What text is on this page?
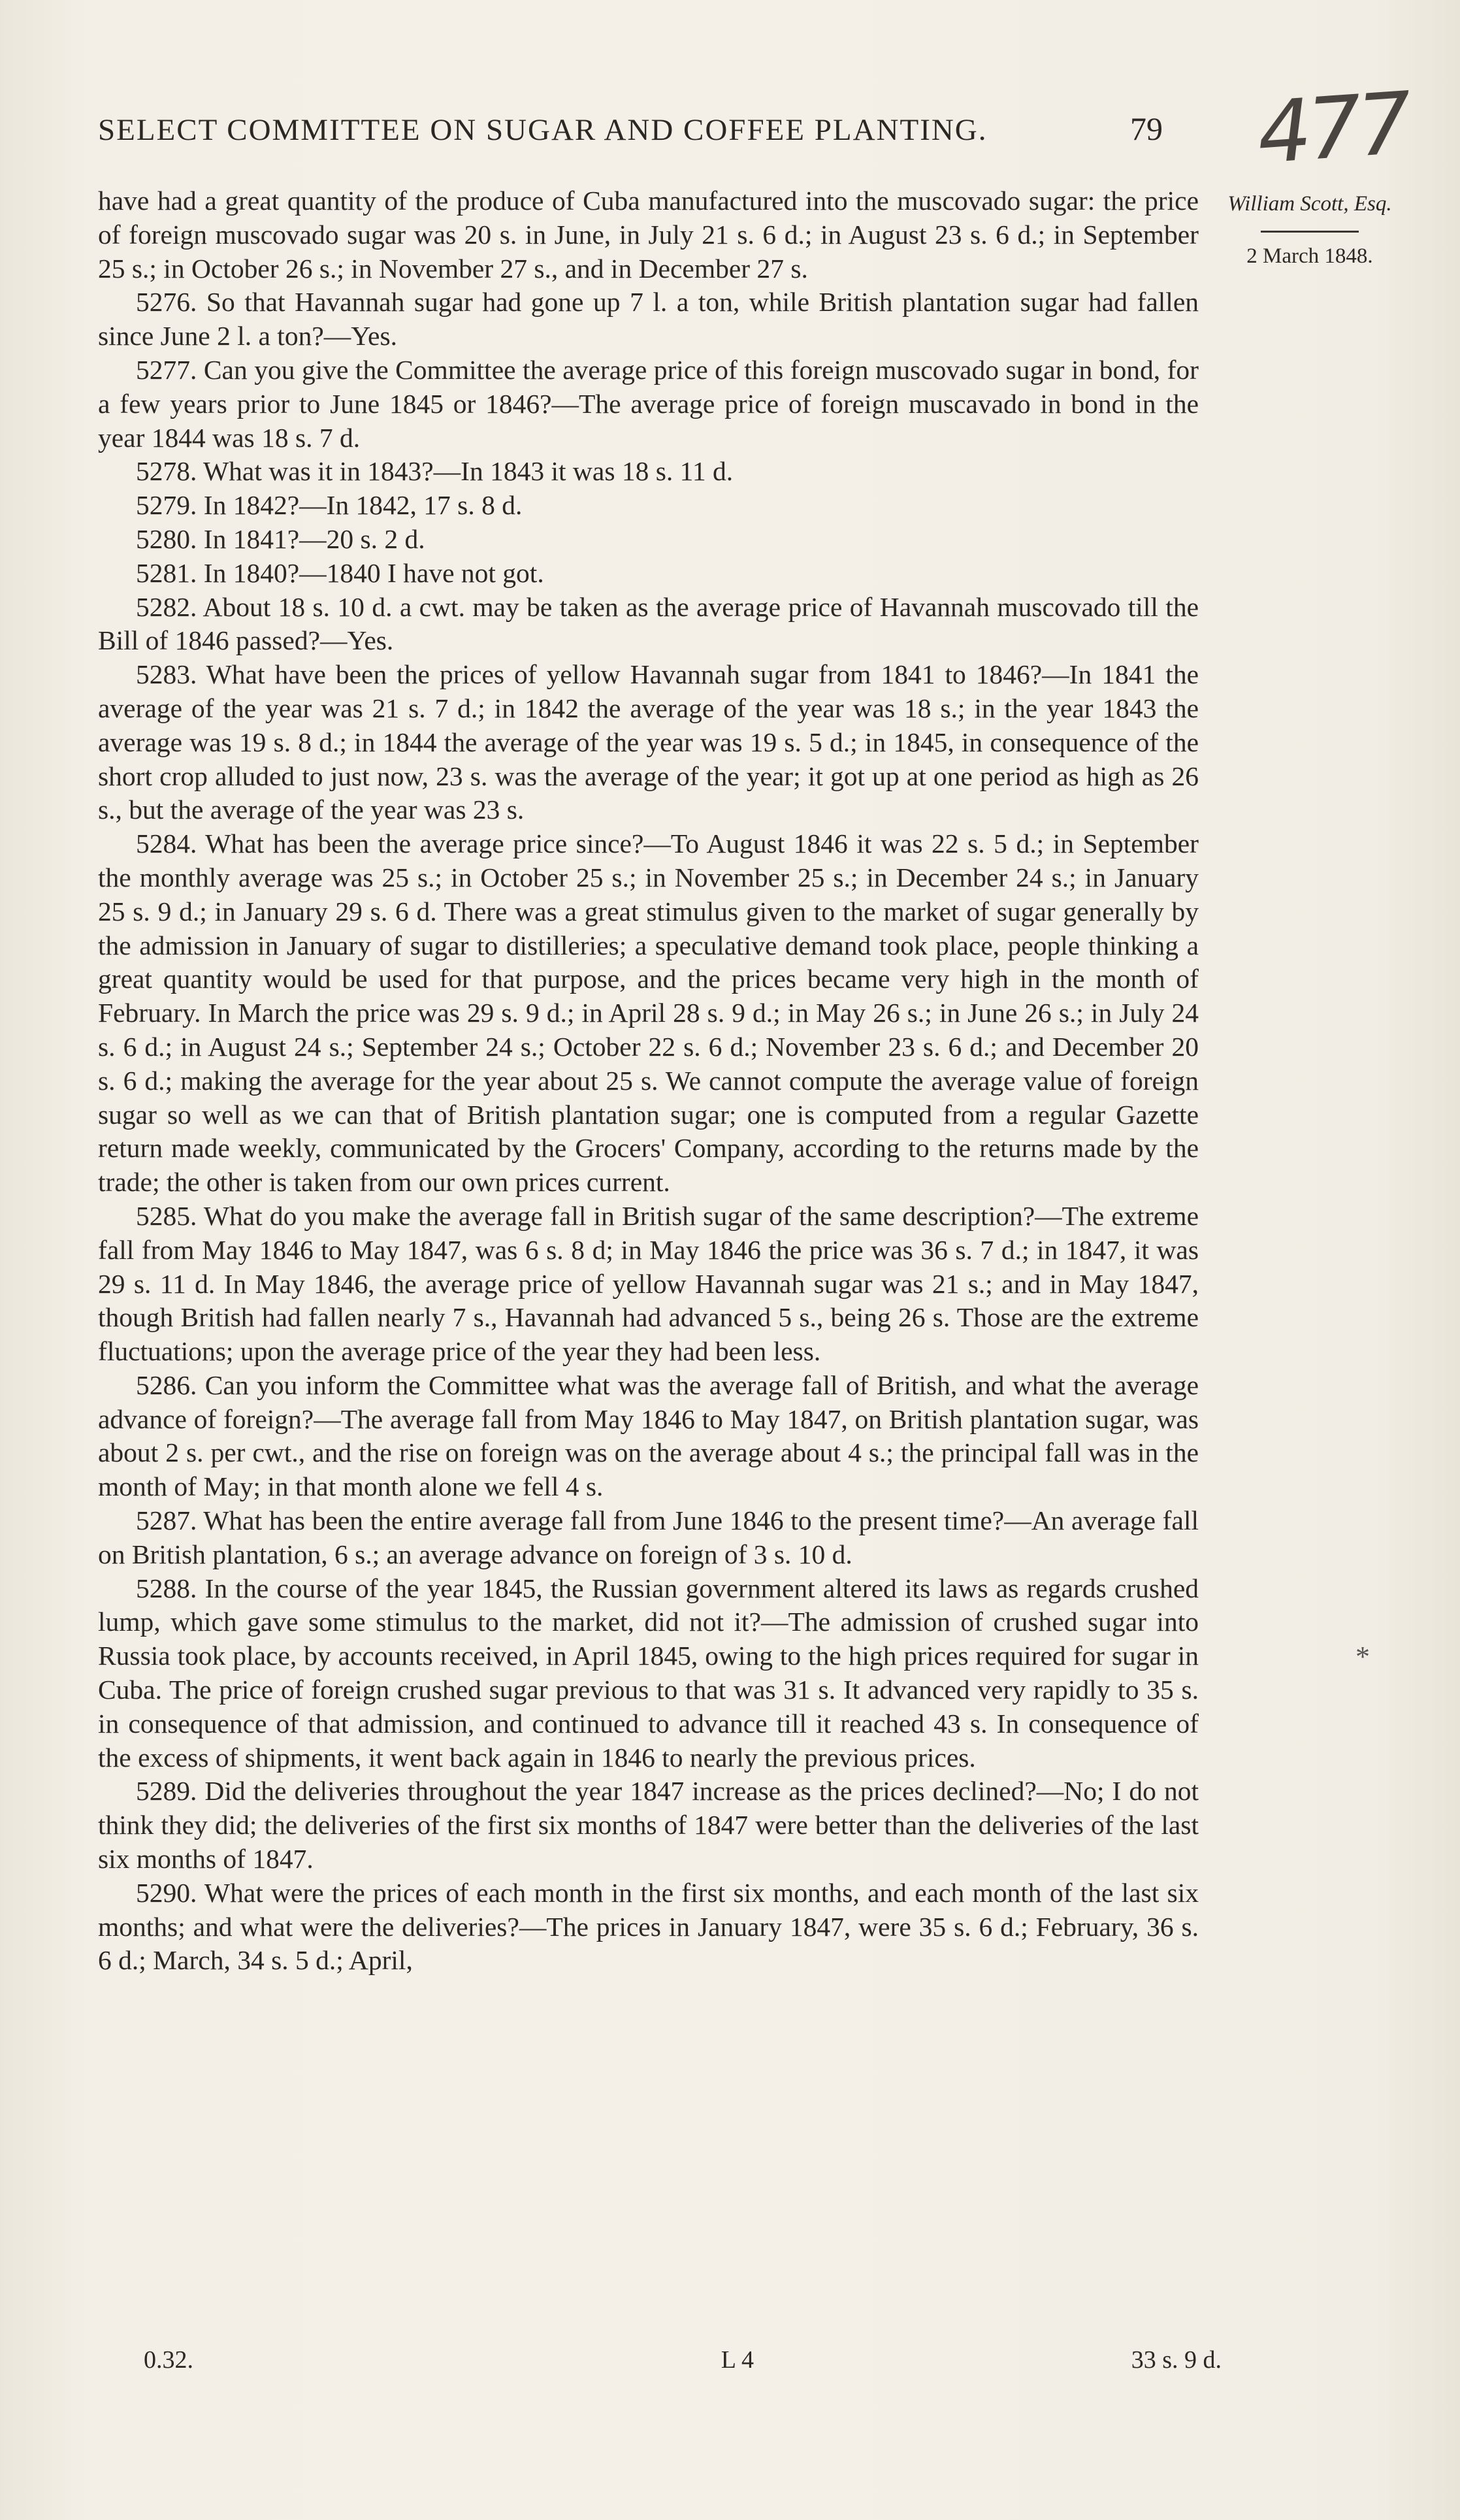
SELECT COMMITTEE ON SUGAR AND COFFEE PLANTING.	79 477
William Scott, Esq.
2 March 1848.
*

have had a great quantity of the produce of Cuba manufactured into the muscovado sugar: the price of foreign muscovado sugar was 20 s. in June, in July 21 s. 6 d.; in August 23 s. 6 d.; in September 25 s.; in October 26 s.; in November 27 s., and in December 27 s.

5276. So that Havannah sugar had gone up 7 l. a ton, while British plantation sugar had fallen since June 2 l. a ton?—Yes.

5277. Can you give the Committee the average price of this foreign muscovado sugar in bond, for a few years prior to June 1845 or 1846?—The average price of foreign muscavado in bond in the year 1844 was 18 s. 7 d.

5278. What was it in 1843?—In 1843 it was 18 s. 11 d.

5279. In 1842?—In 1842, 17 s. 8 d.

5280. In 1841?—20 s. 2 d.

5281. In 1840?—1840 I have not got.

5282. About 18 s. 10 d. a cwt. may be taken as the average price of Havannah muscovado till the Bill of 1846 passed?—Yes.

5283. What have been the prices of yellow Havannah sugar from 1841 to 1846?—In 1841 the average of the year was 21 s. 7 d.; in 1842 the average of the year was 18 s.; in the year 1843 the average was 19 s. 8 d.; in 1844 the average of the year was 19 s. 5 d.; in 1845, in consequence of the short crop alluded to just now, 23 s. was the average of the year; it got up at one period as high as 26 s., but the average of the year was 23 s.

5284. What has been the average price since?—To August 1846 it was 22 s. 5 d.; in September the monthly average was 25 s.; in October 25 s.; in November 25 s.; in December 24 s.; in January 25 s. 9 d.; in January 29 s. 6 d. There was a great stimulus given to the market of sugar generally by the admission in January of sugar to distilleries; a speculative demand took place, people thinking a great quantity would be used for that purpose, and the prices became very high in the month of February. In March the price was 29 s. 9 d.; in April 28 s. 9 d.; in May 26 s.; in June 26 s.; in July 24 s. 6 d.; in August 24 s.; September 24 s.; October 22 s. 6 d.; November 23 s. 6 d.; and December 20 s. 6 d.; making the average for the year about 25 s. We cannot compute the average value of foreign sugar so well as we can that of British plantation sugar; one is computed from a regular Gazette return made weekly, communicated by the Grocers' Company, according to the returns made by the trade; the other is taken from our own prices current.

5285. What do you make the average fall in British sugar of the same description?—The extreme fall from May 1846 to May 1847, was 6 s. 8 d; in May 1846 the price was 36 s. 7 d.; in 1847, it was 29 s. 11 d. In May 1846, the average price of yellow Havannah sugar was 21 s.; and in May 1847, though British had fallen nearly 7 s., Havannah had advanced 5 s., being 26 s. Those are the extreme fluctuations; upon the average price of the year they had been less.

5286. Can you inform the Committee what was the average fall of British, and what the average advance of foreign?—The average fall from May 1846 to May 1847, on British plantation sugar, was about 2 s. per cwt., and the rise on foreign was on the average about 4 s.; the principal fall was in the month of May; in that month alone we fell 4 s.

5287. What has been the entire average fall from June 1846 to the present time?—An average fall on British plantation, 6 s.; an average advance on foreign of 3 s. 10 d.

5288. In the course of the year 1845, the Russian government altered its laws as regards crushed lump, which gave some stimulus to the market, did not it?—The admission of crushed sugar into Russia took place, by accounts received, in April 1845, owing to the high prices required for sugar in Cuba. The price of foreign crushed sugar previous to that was 31 s. It advanced very rapidly to 35 s. in consequence of that admission, and continued to advance till it reached 43 s. In consequence of the excess of shipments, it went back again in 1846 to nearly the previous prices.

5289. Did the deliveries throughout the year 1847 increase as the prices declined?—No; I do not think they did; the deliveries of the first six months of 1847 were better than the deliveries of the last six months of 1847.

5290. What were the prices of each month in the first six months, and each month of the last six months; and what were the deliveries?—The prices in January 1847, were 35 s. 6 d.; February, 36 s. 6 d.; March, 34 s. 5 d.; April,

0.32.	L 4	33 s. 9 d.
